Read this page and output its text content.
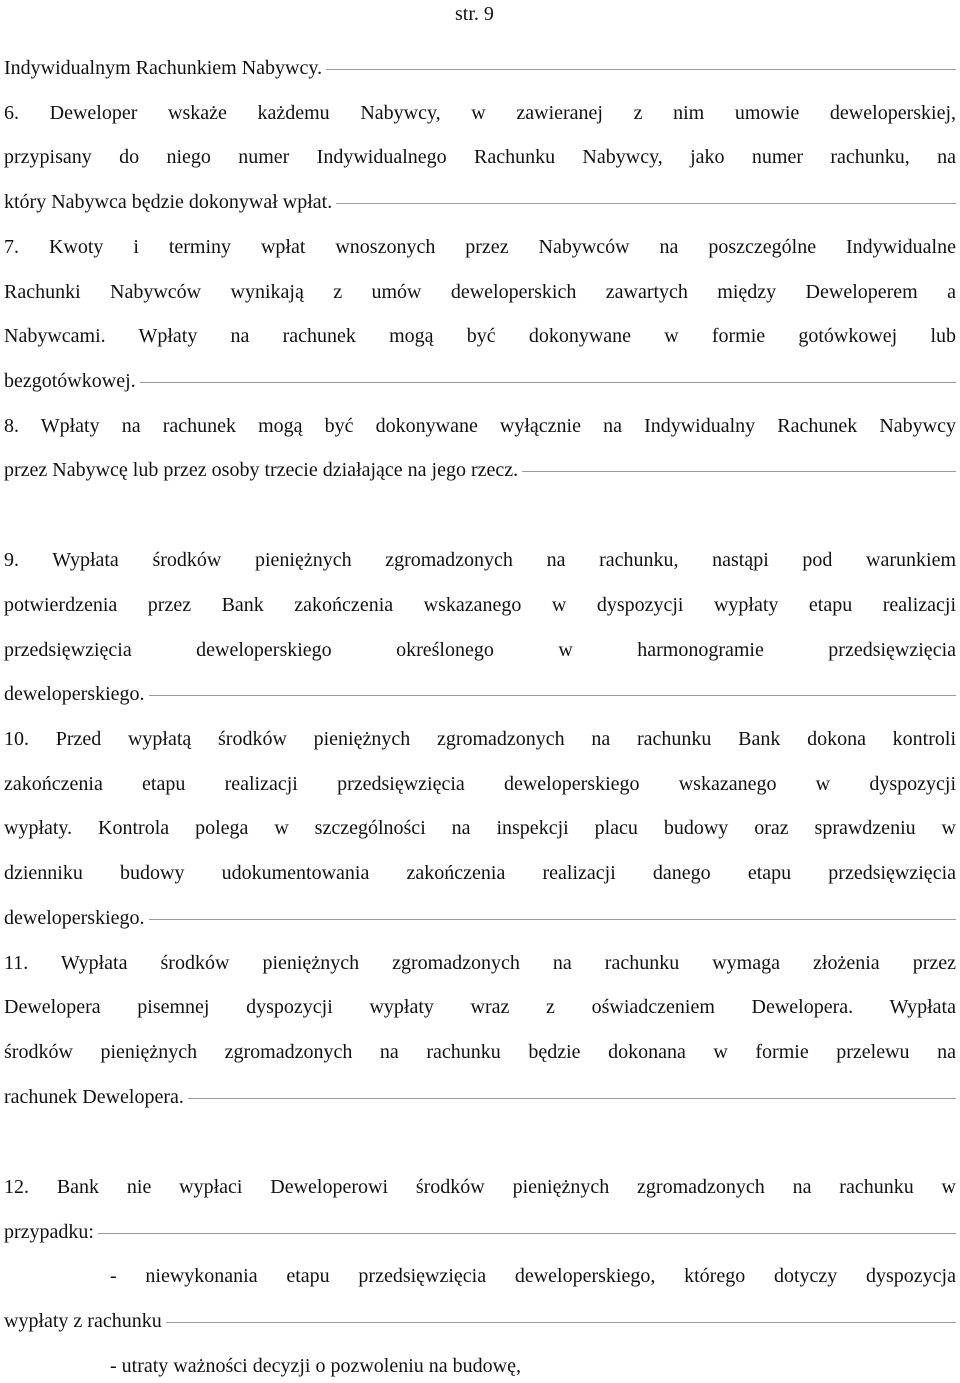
str. 9
Indywidualnym Rachunkiem Nabywcy.
6. Deweloper wskaże każdemu Nabywcy, w zawieranej z nim umowie deweloperskiej,
przypisany do niego numer Indywidualnego Rachunku Nabywcy, jako numer rachunku, na
który Nabywca będzie dokonywał wpłat.
7. Kwoty i terminy wpłat wnoszonych przez Nabywców na poszczególne Indywidualne
Rachunki Nabywców wynikają z umów deweloperskich zawartych między Deweloperem a
Nabywcami. Wpłaty na rachunek mogą być dokonywane w formie gotówkowej lub
bezgotówkowej.
8. Wpłaty na rachunek mogą być dokonywane wyłącznie na Indywidualny Rachunek Nabywcy
przez Nabywcę lub przez osoby trzecie działające na jego rzecz.
9. Wypłata środków pieniężnych zgromadzonych na rachunku, nastąpi pod warunkiem
potwierdzenia przez Bank zakończenia wskazanego w dyspozycji wypłaty etapu realizacji
przedsięwzięcia deweloperskiego określonego w harmonogramie przedsięwzięcia
deweloperskiego.
10. Przed wypłatą środków pieniężnych zgromadzonych na rachunku Bank dokona kontroli
zakończenia etapu realizacji przedsięwzięcia deweloperskiego wskazanego w dyspozycji
wypłaty. Kontrola polega w szczególności na inspekcji placu budowy oraz sprawdzeniu w
dzienniku budowy udokumentowania zakończenia realizacji danego etapu przedsięwzięcia
deweloperskiego.
11. Wypłata środków pieniężnych zgromadzonych na rachunku wymaga złożenia przez
Dewelopera pisemnej dyspozycji wypłaty wraz z oświadczeniem Dewelopera. Wypłata
środków pieniężnych zgromadzonych na rachunku będzie dokonana w formie przelewu na
rachunek Dewelopera.
12. Bank nie wypłaci Deweloperowi środków pieniężnych zgromadzonych na rachunku w
przypadku:
- niewykonania etapu przedsięwzięcia deweloperskiego, którego dotyczy dyspozycja
wypłaty z rachunku
- utraty ważności decyzji o pozwoleniu na budowę,
